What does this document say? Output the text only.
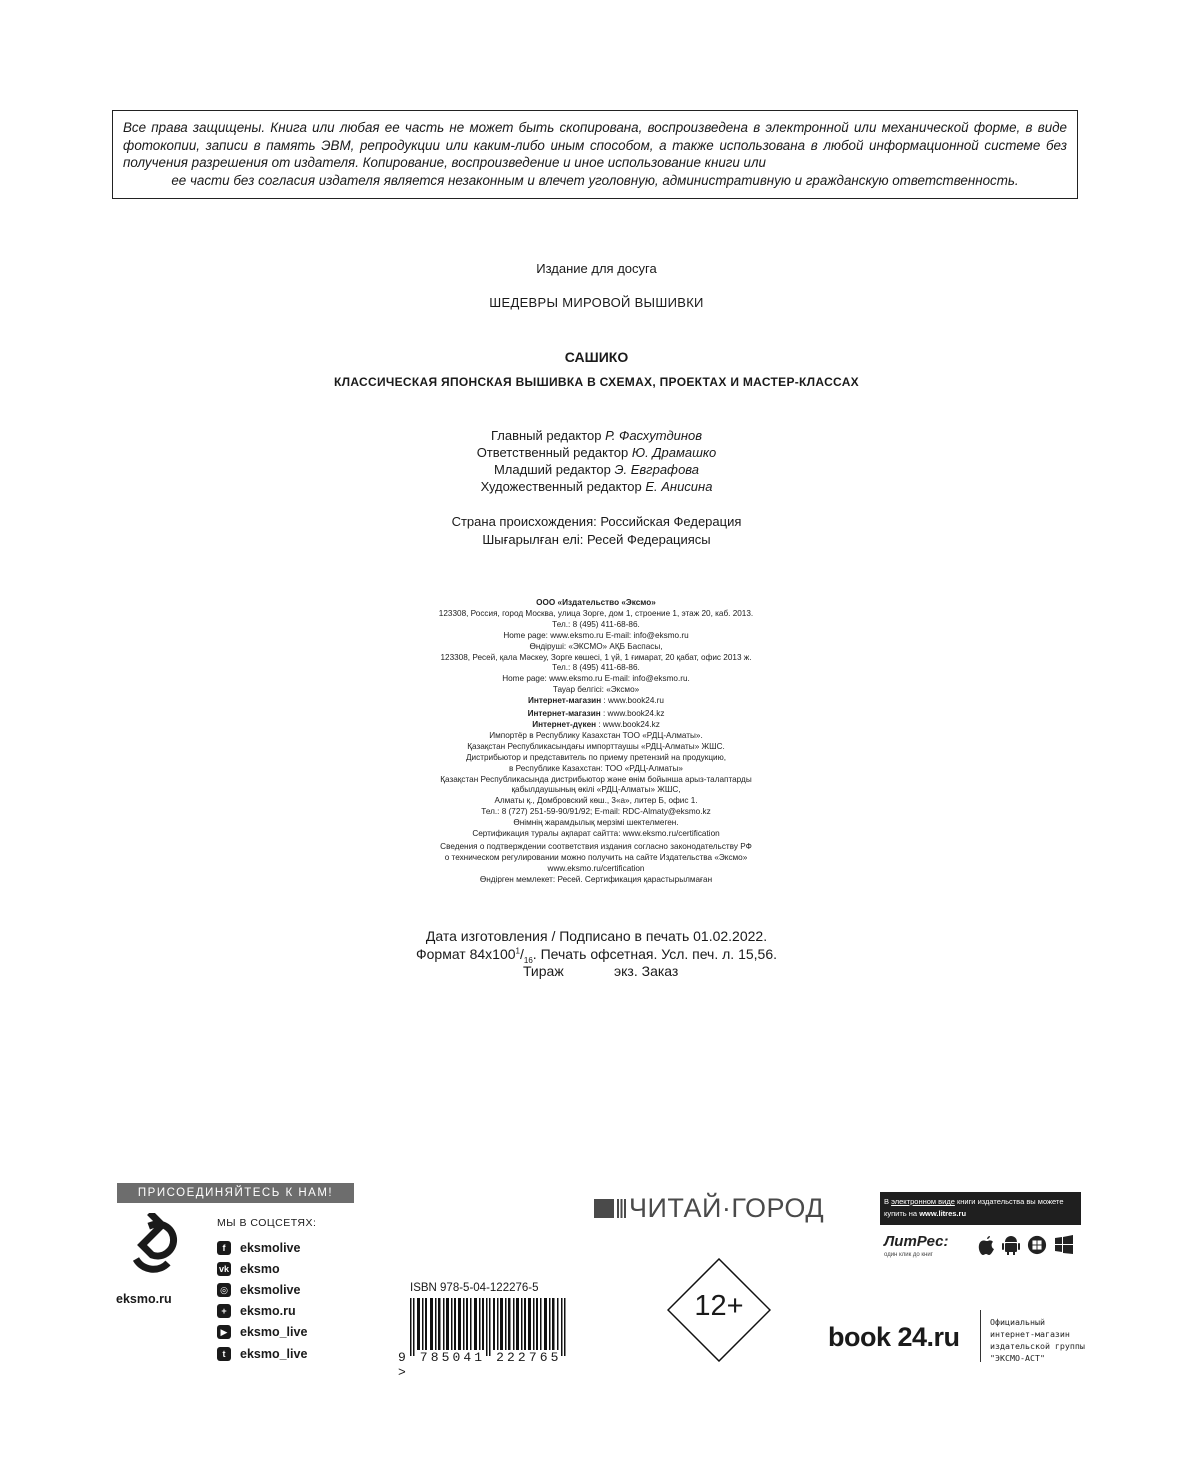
Все права защищены. Книга или любая ее часть не может быть скопирована, воспроизведена в электронной или механической форме, в виде фотокопии, записи в память ЭВМ, репродукции или каким-либо иным способом, а также использована в любой информационной системе без получения разрешения от издателя. Копирование, воспроизведение и иное использование книги или
ее части без согласия издателя является незаконным и влечет уголовную, административную и гражданскую ответственность.
Издание для досуга
ШЕДЕВРЫ МИРОВОЙ ВЫШИВКИ
САШИКО
КЛАССИЧЕСКАЯ ЯПОНСКАЯ ВЫШИВКА В СХЕМАХ, ПРОЕКТАХ И МАСТЕР-КЛАССАХ
Главный редактор Р. Фасхутдинов
Ответственный редактор Ю. Драмашко
Младший редактор Э. Евграфова
Художественный редактор Е. Анисина
Страна происхождения: Российская Федерация
Шығарылған елі: Ресей Федерациясы
ООО «Издательство «Эксмо»
123308, Россия, город Москва, улица Зорге, дом 1, строение 1, этаж 20, каб. 2013.
Тел.: 8 (495) 411-68-86.
Home page: www.eksmo.ru E-mail: info@eksmo.ru
Өндіруші: «ЭКСМО» АҚБ Баспасы,
123308, Ресей, қала Мәскеу, Зорге көшесі, 1 үй, 1 ғимарат, 20 қабат, офис 2013 ж.
Тел.: 8 (495) 411-68-86.
Home page: www.eksmo.ru E-mail: info@eksmo.ru.
Тауар белгісі: «Эксмо»
Интернет-магазин : www.book24.ru
Интернет-магазин : www.book24.kz
Интернет-дүкен : www.book24.kz
Импортёр в Республику Казахстан ТОО «РДЦ-Алматы».
Қазақстан Республикасындағы импорттаушы «РДЦ-Алматы» ЖШС.
Дистрибьютор и представитель по приему претензий на продукцию,
в Республике Казахстан: ТОО «РДЦ-Алматы»
Қазақстан Республикасында дистрибьютор және өнім бойынша арыз-талаптарды
қабылдаушының өкілі «РДЦ-Алматы» ЖШС,
Алматы қ., Домбровский көш., 3«а», литер Б, офис 1.
Тел.: 8 (727) 251-59-90/91/92; E-mail: RDC-Almaty@eksmo.kz
Өнімнің жарамдылық мерзімі шектелмеген.
Сертификация туралы ақпарат сайтта: www.eksmo.ru/certification
Сведения о подтверждении соответствия издания согласно законодательству РФ
о техническом регулировании можно получить на сайте Издательства «Эксмо»
www.eksmo.ru/certification
Өндірген мемлекет: Ресей. Сертификация қарастырылмаған
Дата изготовления / Подписано в печать 01.02.2022.
Формат $84х100^1/_{16}$. Печать офсетная. Усл. печ. л. 15,56.
Тираж	экз. Заказ
ПРИСОЕДИНЯЙТЕСЬ К НАМ!
eksmo.ru
МЫ В СОЦСЕТЯХ:
f	eksmolive
vk eksmo
◎ eksmolive
+	eksmo.ru
▶ eksmo_live
t	eksmo_live
ISBN 978-5-04-122276-5
9 785041 222765 >
ЧИТАЙ·ГОРОД
12+
В электронном виде книги издательства вы можете купить на www.litres.ru
ЛитРес:
один клик до книг
book 24.ru	Официальный
интернет-магазин
издательской группы
"ЭКСМО-АСТ"
